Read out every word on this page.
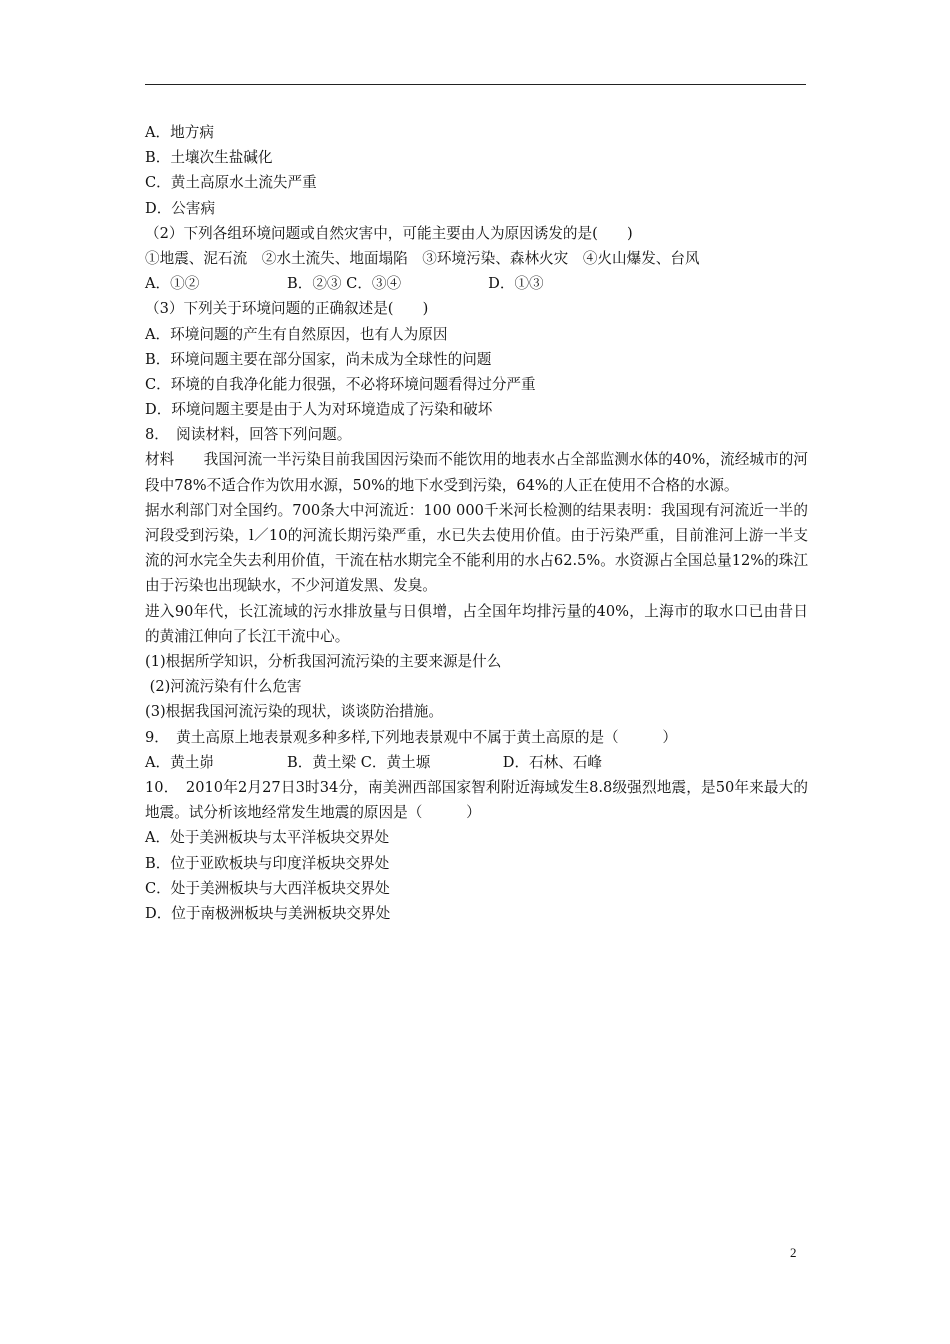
A．地方病
B．土壤次生盐碱化
C．黄土高原水土流失严重
D．公害病
（2）下列各组环境问题或自然灾害中，可能主要由人为原因诱发的是(　　)
①地震、泥石流　②水土流失、地面塌陷　③环境污染、森林火灾　④火山爆发、台风
A．①②	B．②③ C．③④	D．①③
（3）下列关于环境问题的正确叙述是(　　)
A．环境问题的产生有自然原因，也有人为原因
B．环境问题主要在部分国家，尚未成为全球性的问题
C．环境的自我净化能力很强，不必将环境问题看得过分严重
D．环境问题主要是由于人为对环境造成了污染和破坏
8．　阅读材料，回答下列问题。
材料　　我国河流一半污染目前我国因污染而不能饮用的地表水占全部监测水体的40%，流经城市的河段中78%不适合作为饮用水源，50%的地下水受到污染，64%的人正在使用不合格的水源。
据水利部门对全国约。700条大中河流近：100 000千米河长检测的结果表明：我国现有河流近一半的河段受到污染，l／10的河流长期污染严重，水已失去使用价值。由于污染严重，目前淮河上游一半支流的河水完全失去利用价值，干流在枯水期完全不能利用的水占62.5%。水资源占全国总量12%的珠江由于污染也出现缺水，不少河道发黑、发臭。
进入90年代，长江流域的污水排放量与日俱增，占全国年均排污量的40%，上海市的取水口已由昔日的黄浦江伸向了长江干流中心。
(1)根据所学知识，分析我国河流污染的主要来源是什么
(2)河流污染有什么危害
(3)根据我国河流污染的现状，谈谈防治措施。
9．　黄土高原上地表景观多种多样,下列地表景观中不属于黄土高原的是（　　　）
A．黄土峁	B．黄土梁 C．黄土塬	D．石林、石峰
10．　2010年2月27日3时34分，南美洲西部国家智利附近海域发生8.8级强烈地震，是50年来最大的地震。试分析该地经常发生地震的原因是（　　　）
A．处于美洲板块与太平洋板块交界处
B．位于亚欧板块与印度洋板块交界处
C．处于美洲板块与大西洋板块交界处
D．位于南极洲板块与美洲板块交界处
2
